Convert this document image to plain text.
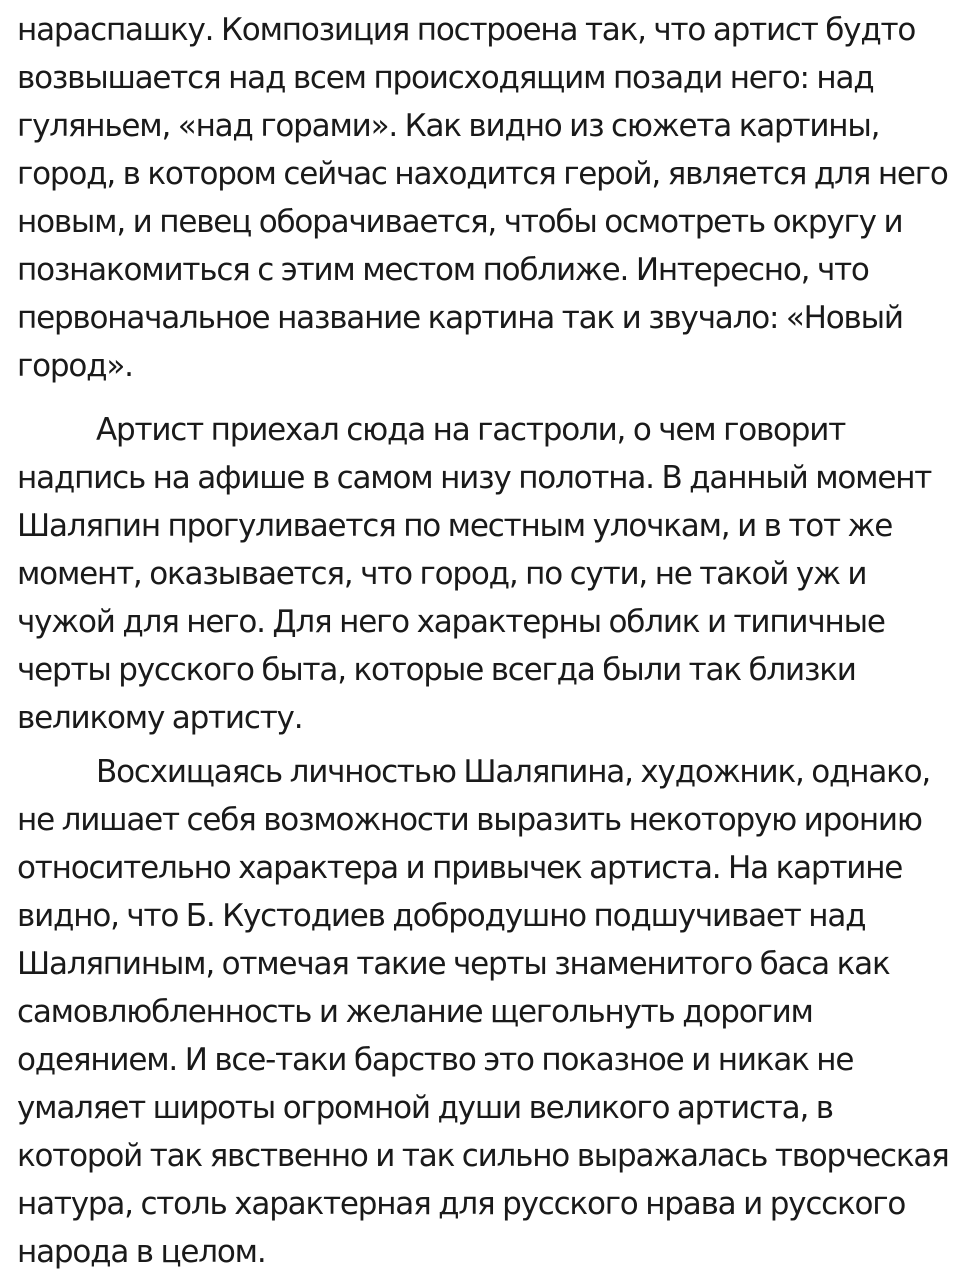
нараспашку. Композиция построена так, что артист будто
возвышается над всем происходящим позади него: над
гуляньем, «над горами». Как видно из сюжета картины,
город, в котором сейчас находится герой, является для него
новым, и певец оборачивается, чтобы осмотреть округу и
познакомиться с этим местом поближе. Интересно, что
первоначальное название картина так и звучало: «Новый
город».
Артист приехал сюда на гастроли, о чем говорит
надпись на афише в самом низу полотна. В данный момент
Шаляпин прогуливается по местным улочкам, и в тот же
момент, оказывается, что город, по сути, не такой уж и
чужой для него. Для него характерны облик и типичные
черты русского быта, которые всегда были так близки
великому артисту.
Восхищаясь личностью Шаляпина, художник, однако,
не лишает себя возможности выразить некоторую иронию
относительно характера и привычек артиста. На картине
видно, что Б. Кустодиев добродушно подшучивает над
Шаляпиным, отмечая такие черты знаменитого баса как
самовлюбленность и желание щегольнуть дорогим
одеянием. И все-таки барство это показное и никак не
умаляет широты огромной души великого артиста, в
которой так явственно и так сильно выражалась творческая
натура, столь характерная для русского нрава и русского
народа в целом.
